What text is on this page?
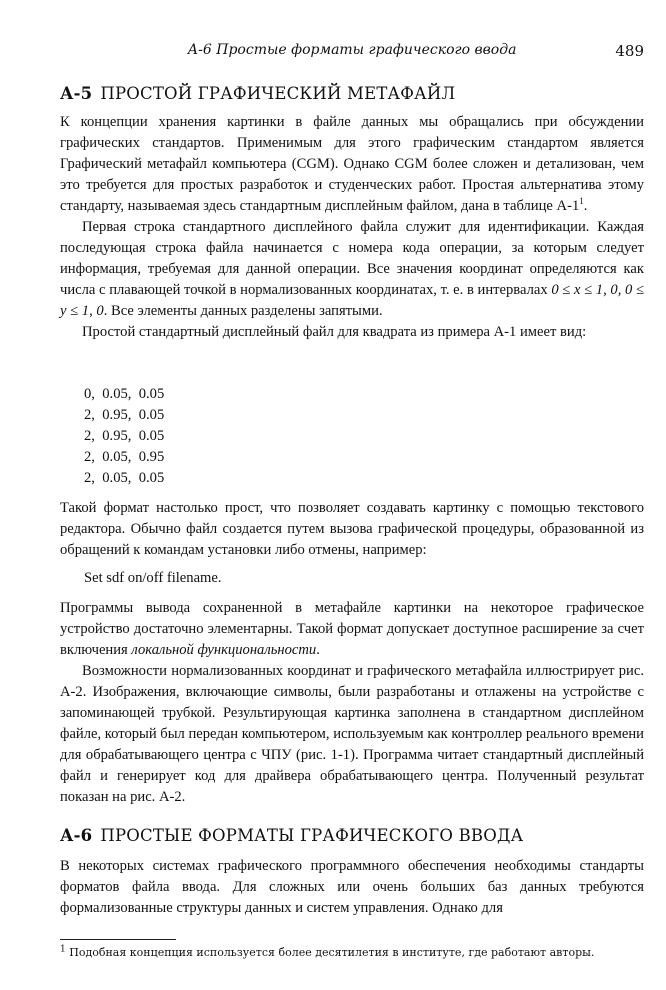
А-6 Простые форматы графического ввода	489
А-5 ПРОСТОЙ ГРАФИЧЕСКИЙ МЕТАФАЙЛ

К концепции хранения картинки в файле данных мы обращались при обсуждении графических стандартов. Применимым для этого графическим стандартом является Графический метафайл компьютера (CGM). Однако CGM более сложен и детализован, чем это требуется для простых разработок и студенческих работ. Простая альтернатива этому стандарту, называемая здесь стандартным дисплейным файлом, дана в таблице $А-1^1$.

Первая строка стандартного дисплейного файла служит для идентификации. Каждая последующая строка файла начинается с номера кода операции, за которым следует информация, требуемая для данной операции. Все значения координат определяются как числа с плавающей точкой в нормализованных координатах, т. е. в интервалах 0 ≤ x ≤ 1, 0, 0 ≤ y ≤ 1, 0. Все элементы данных разделены запятыми.

Простой стандартный дисплейный файл для квадрата из примера А-1 имеет вид:

0,  0.05,  0.05
2,  0.95,  0.05
2,  0.95,  0.05
2,  0.05,  0.95
2,  0.05,  0.05

Такой формат настолько прост, что позволяет создавать картинку с помощью текстового редактора. Обычно файл создается путем вызова графической процедуры, образованной из обращений к командам установки либо отмены, например:

Set sdf on/off filename.

Программы вывода сохраненной в метафайле картинки на некоторое графическое устройство достаточно элементарны. Такой формат допускает доступное расширение за счет включения локальной функциональности.

Возможности нормализованных координат и графического метафайла иллюстрирует рис. А-2. Изображения, включающие символы, были разработаны и отлажены на устройстве с запоминающей трубкой. Результирующая картинка заполнена в стандартном дисплейном файле, который был передан компьютером, используемым как контроллер реального времени для обрабатывающего центра с ЧПУ (рис. 1-1). Программа читает стандартный дисплейный файл и генерирует код для драйвера обрабатывающего центра. Полученный результат показан на рис. А-2.

А-6 ПРОСТЫЕ ФОРМАТЫ ГРАФИЧЕСКОГО ВВОДА

В некоторых системах графического программного обеспечения необходимы стандарты форматов файла ввода. Для сложных или очень больших баз данных требуются формализованные структуры данных и систем управления. Однако для

$^1$ Подобная концепция используется более десятилетия в институте, где работают авторы.
